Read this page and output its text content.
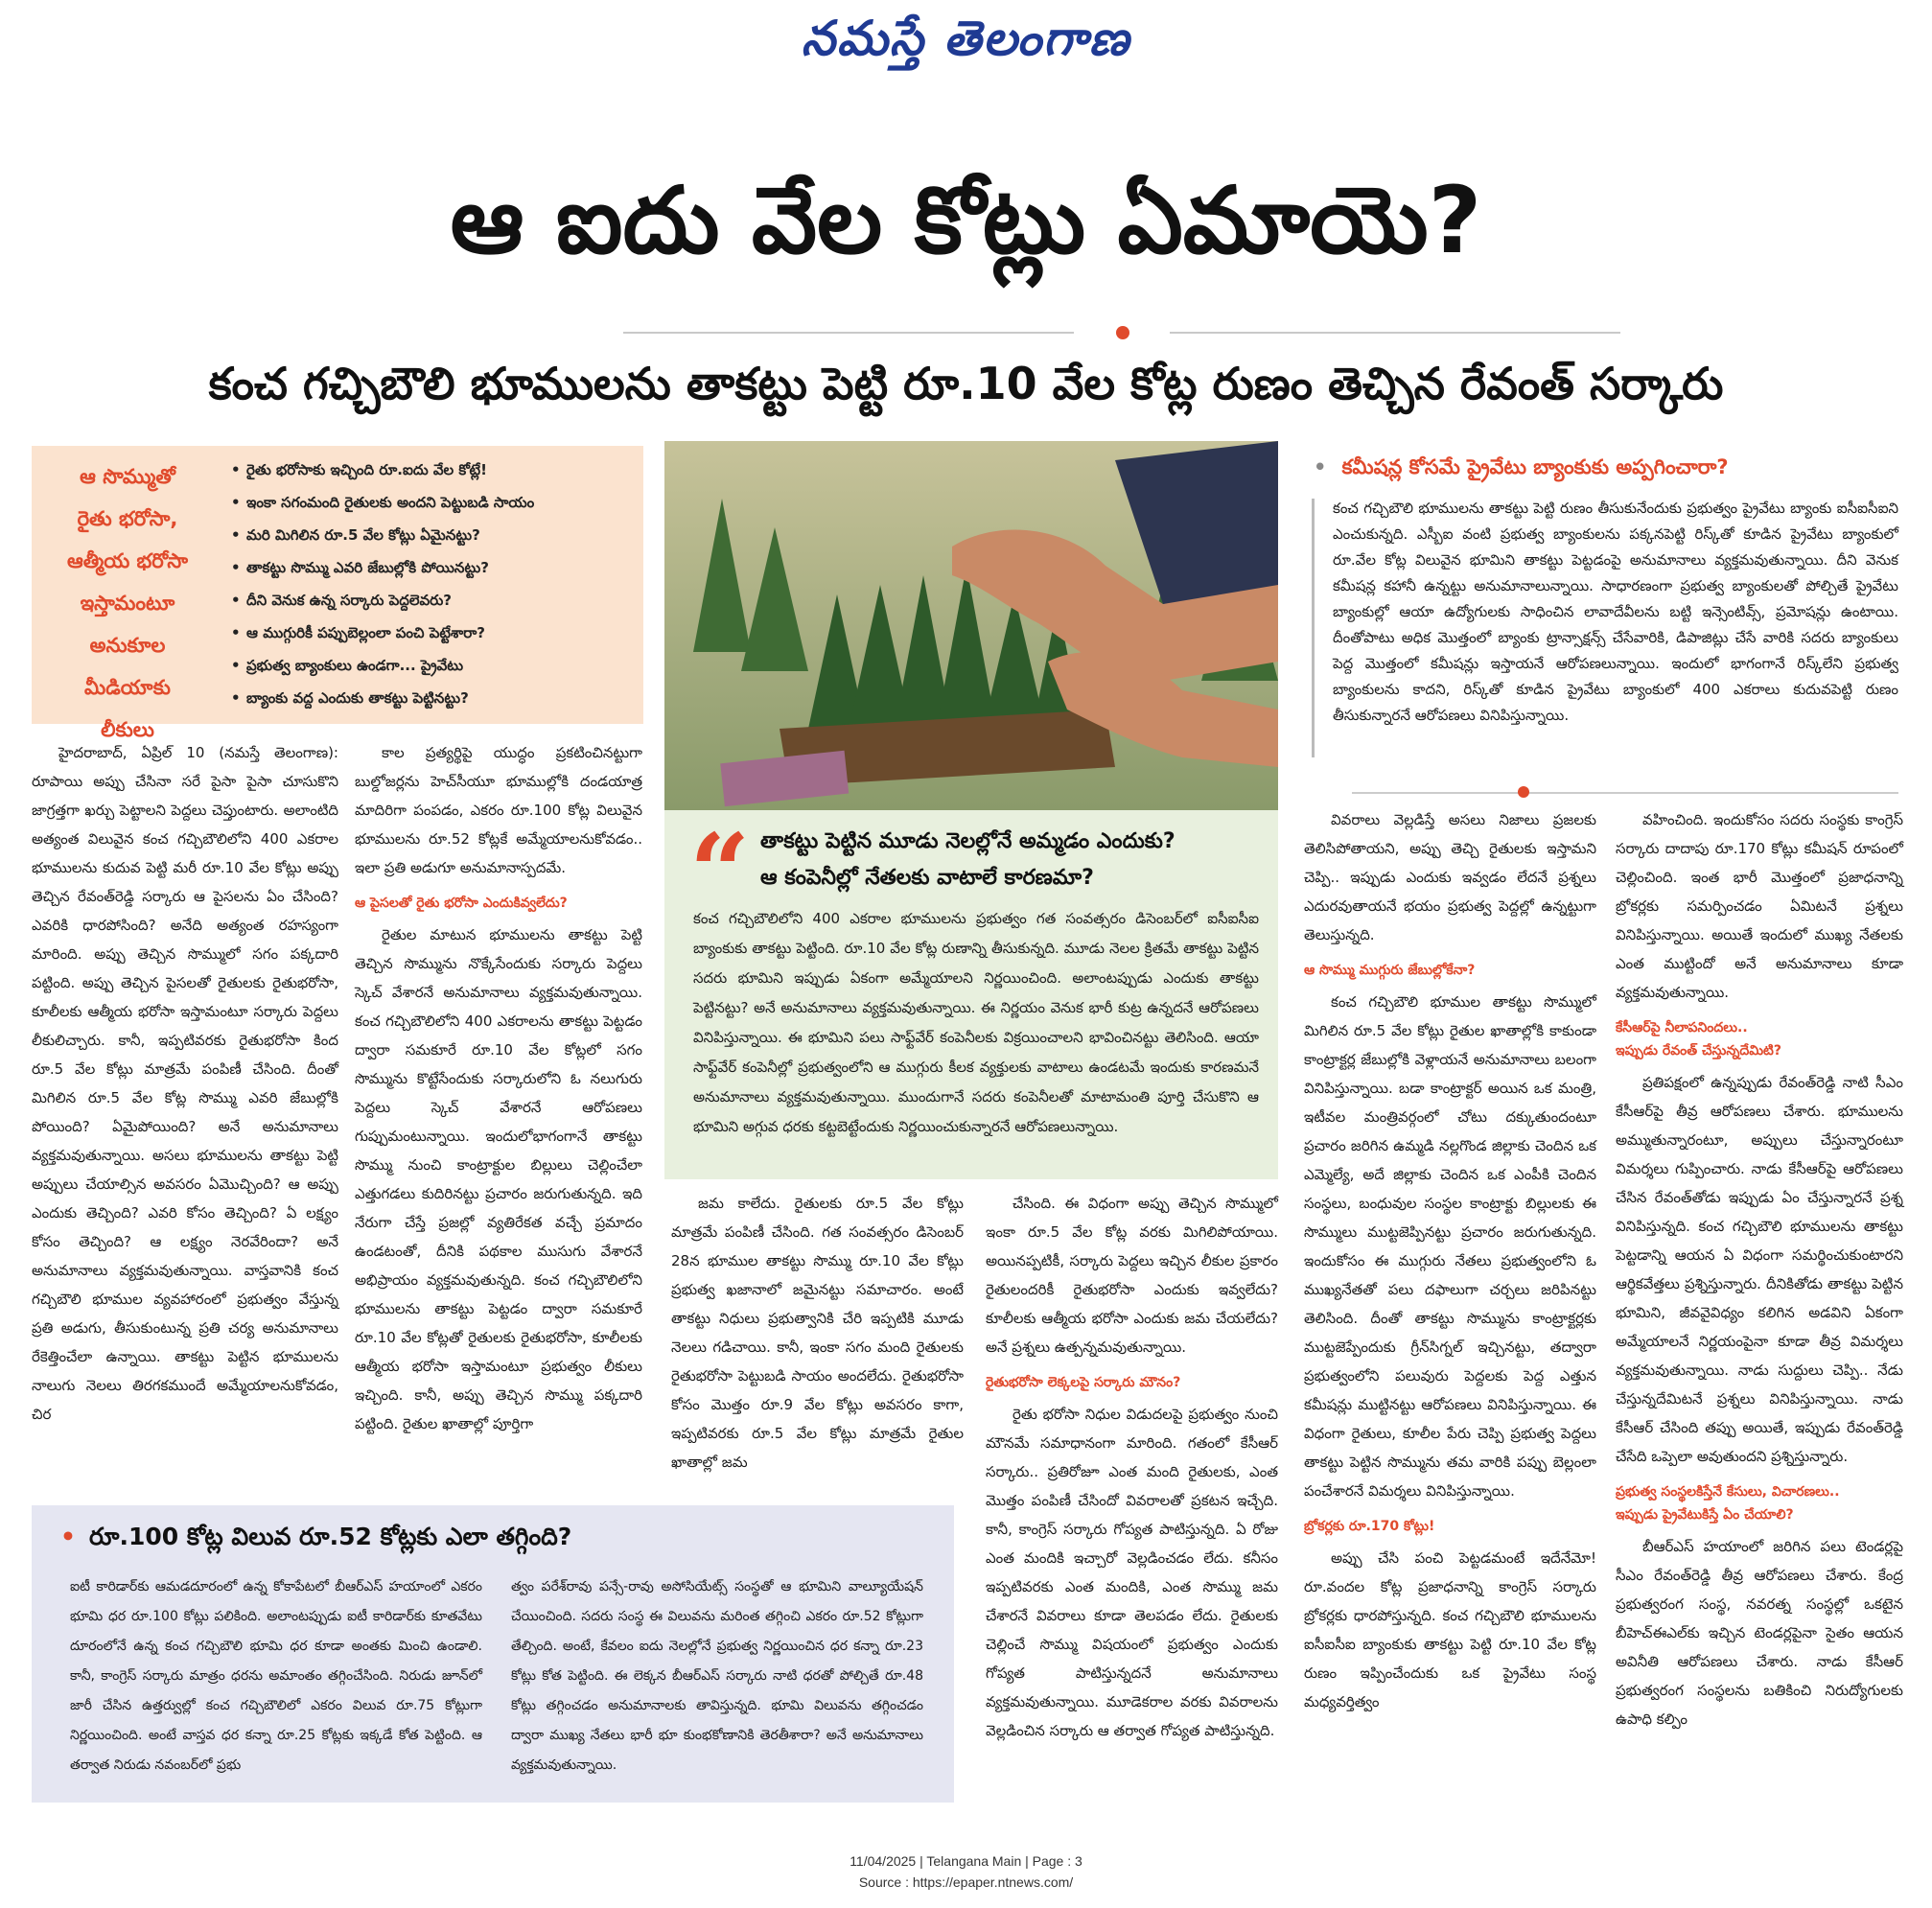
నమస్తే తెలంగాణ
ఆ ఐదు వేల కోట్లు ఏమాయె?
కంచ గచ్చిబౌలి భూములను తాకట్టు పెట్టి రూ.10 వేల కోట్ల రుణం తెచ్చిన రేవంత్ సర్కారు
ఆ సొమ్ముతో
రైతు భరోసా,
ఆత్మీయ భరోసా
ఇస్తామంటూ
అనుకూల
మీడియాకు
లీకులు
• రైతు భరోసాకు ఇచ్చింది రూ.ఐదు వేల కోట్లే!
• ఇంకా సగంమంది రైతులకు అందని పెట్టుబడి సాయం
• మరి మిగిలిన రూ.5 వేల కోట్లు ఏమైనట్టు?
• తాకట్టు సొమ్ము ఎవరి జేబుల్లోకి పోయినట్టు?
• దీని వెనుక ఉన్న సర్కారు పెద్దలెవరు?
• ఆ ముగ్గురికీ పప్పుబెల్లంలా పంచి పెట్టేశారా?
• ప్రభుత్వ బ్యాంకులు ఉండగా... ప్రైవేటు
• బ్యాంకు వద్ద ఎందుకు తాకట్టు పెట్టినట్టు?
“ తాకట్టు పెట్టిన మూడు నెలల్లోనే అమ్మడం ఎందుకు?
ఆ కంపెనీల్లో నేతలకు వాటాలే కారణమా?
కంచ గచ్చిబౌలిలోని 400 ఎకరాల భూములను ప్రభుత్వం గత సంవత్సరం డిసెంబర్‌లో ఐసీఐసీఐ బ్యాంకుకు తాకట్టు పెట్టింది. రూ.10 వేల కోట్ల రుణాన్ని తీసుకున్నది. మూడు నెలల క్రితమే తాకట్టు పెట్టిన సదరు భూమిని ఇప్పుడు ఏకంగా అమ్మేయాలని నిర్ణయించింది. అలాంటప్పుడు ఎందుకు తాకట్టు పెట్టినట్టు? అనే అనుమానాలు వ్యక్తమవుతున్నాయి. ఈ నిర్ణయం వెనుక భారీ కుట్ర ఉన్నదనే ఆరోపణలు వినిపిస్తున్నాయి. ఈ భూమిని పలు సాఫ్ట్‌వేర్ కంపెనీలకు విక్రయించాలని భావించినట్టు తెలిసింది. ఆయా సాఫ్ట్‌వేర్ కంపెనీల్లో ప్రభుత్వంలోని ఆ ముగ్గురు కీలక వ్యక్తులకు వాటాలు ఉండటమే ఇందుకు కారణమనే అనుమానాలు వ్యక్తమవుతున్నాయి. ముందుగానే సదరు కంపెనీలతో మాటామంతి పూర్తి చేసుకొని ఆ భూమిని అగ్గువ ధరకు కట్టబెట్టేందుకు నిర్ణయించుకున్నారనే ఆరోపణలున్నాయి.
• కమీషన్ల కోసమే ప్రైవేటు బ్యాంకుకు అప్పగించారా?
కంచ గచ్చిబౌలి భూములను తాకట్టు పెట్టి రుణం తీసుకునేందుకు ప్రభుత్వం ప్రైవేటు బ్యాంకు ఐసీఐసీఐని ఎంచుకున్నది. ఎస్బీఐ వంటి ప్రభుత్వ బ్యాంకులను పక్కనపెట్టి రిస్క్‌తో కూడిన ప్రైవేటు బ్యాంకులో రూ.వేల కోట్ల విలువైన భూమిని తాకట్టు పెట్టడంపై అనుమానాలు వ్యక్తమవుతున్నాయి. దీని వెనుక కమీషన్ల కహానీ ఉన్నట్టు అనుమానాలున్నాయి. సాధారణంగా ప్రభుత్వ బ్యాంకులతో పోల్చితే ప్రైవేటు బ్యాంకుల్లో ఆయా ఉద్యోగులకు సాధించిన లావాదేవీలను బట్టి ఇన్సెంటివ్స్, ప్రమోషన్లు ఉంటాయి. దీంతోపాటు అధిక మొత్తంలో బ్యాంకు ట్రాన్సాక్షన్స్ చేసేవారికి, డిపాజిట్లు చేసే వారికి సదరు బ్యాంకులు పెద్ద మొత్తంలో కమీషన్లు ఇస్తాయనే ఆరోపణలున్నాయి. ఇందులో భాగంగానే రిస్క్‌లేని ప్రభుత్వ బ్యాంకులను కాదని, రిస్క్‌తో కూడిన ప్రైవేటు బ్యాంకులో 400 ఎకరాలు కుదువపెట్టి రుణం తీసుకున్నారనే ఆరోపణలు వినిపిస్తున్నాయి.

హైదరాబాద్, ఏప్రిల్ 10 (నమస్తే తెలంగాణ): రూపాయి అప్పు చేసినా సరే పైసా పైసా చూసుకొని జాగ్రత్తగా ఖర్చు పెట్టాలని పెద్దలు చెప్తుంటారు. అలాంటిది అత్యంత విలువైన కంచ గచ్చిబౌలిలోని 400 ఎకరాల భూములను కుదువ పెట్టి మరీ రూ.10 వేల కోట్లు అప్పు తెచ్చిన రేవంత్‌రెడ్డి సర్కారు ఆ పైసలను ఏం చేసింది? ఎవరికి ధారపోసింది? అనేది అత్యంత రహస్యంగా మారింది. అప్పు తెచ్చిన సొమ్ములో సగం పక్కదారి పట్టింది. అప్పు తెచ్చిన పైసలతో రైతులకు రైతుభరోసా, కూలీలకు ఆత్మీయ భరోసా ఇస్తామంటూ సర్కారు పెద్దలు లీకులిచ్చారు. కానీ, ఇప్పటివరకు రైతుభరోసా కింద రూ.5 వేల కోట్లు మాత్రమే పంపిణీ చేసింది. దీంతో మిగిలిన రూ.5 వేల కోట్ల సొమ్ము ఎవరి జేబుల్లోకి పోయింది? ఏమైపోయింది? అనే అనుమానాలు వ్యక్తమవుతున్నాయి. అసలు భూములను తాకట్టు పెట్టి అప్పులు చేయాల్సిన అవసరం ఏమొచ్చింది? ఆ అప్పు ఎందుకు తెచ్చింది? ఎవరి కోసం తెచ్చింది? ఏ లక్ష్యం కోసం తెచ్చింది? ఆ లక్ష్యం నెరవేరిందా? అనే అనుమానాలు వ్యక్తమవుతున్నాయి. వాస్తవానికి కంచ గచ్చిబౌలి భూముల వ్యవహారంలో ప్రభుత్వం వేస్తున్న ప్రతి అడుగు, తీసుకుంటున్న ప్రతి చర్య అనుమానాలు రేకెత్తించేలా ఉన్నాయి. తాకట్టు పెట్టిన భూములను నాలుగు నెలలు తిరగకముందే అమ్మేయాలనుకోవడం, చిర

కాల ప్రత్యర్థిపై యుద్ధం ప్రకటించినట్టుగా బుల్డోజర్లను హెచ్‌సీయూ భూముల్లోకి దండయాత్ర మాదిరిగా పంపడం, ఎకరం రూ.100 కోట్ల విలువైన భూములను రూ.52 కోట్లకే అమ్మేయాలనుకోవడం.. ఇలా ప్రతి అడుగూ అనుమానాస్పదమే.

ఆ పైసలతో రైతు భరోసా ఎందుకివ్వలేదు?

రైతుల మాటున భూములను తాకట్టు పెట్టి తెచ్చిన సొమ్మును నొక్కేసేందుకు సర్కారు పెద్దలు స్కెచ్ వేశారనే అనుమానాలు వ్యక్తమవుతున్నాయి. కంచ గచ్చిబౌలిలోని 400 ఎకరాలను తాకట్టు పెట్టడం ద్వారా సమకూరే రూ.10 వేల కోట్లలో సగం సొమ్మును కొట్టేసేందుకు సర్కారులోని ఓ నలుగురు పెద్దలు స్కెచ్ వేశారనే ఆరోపణలు గుప్పుమంటున్నాయి. ఇందులోభాగంగానే తాకట్టు సొమ్ము నుంచి కాంట్రాక్టుల బిల్లులు చెల్లించేలా ఎత్తుగడలు కుదిరినట్టు ప్రచారం జరుగుతున్నది. ఇది నేరుగా చేస్తే ప్రజల్లో వ్యతిరేకత వచ్చే ప్రమాదం ఉండటంతో, దీనికి పథకాల ముసుగు వేశారనే అభిప్రాయం వ్యక్తమవుతున్నది. కంచ గచ్చిబౌలిలోని భూములను తాకట్టు పెట్టడం ద్వారా సమకూరే రూ.10 వేల కోట్లతో రైతులకు రైతుభరోసా, కూలీలకు ఆత్మీయ భరోసా ఇస్తామంటూ ప్రభుత్వం లీకులు ఇచ్చింది. కానీ, అప్పు తెచ్చిన సొమ్ము పక్కదారి పట్టింది. రైతుల ఖాతాల్లో పూర్తిగా

జమ కాలేదు. రైతులకు రూ.5 వేల కోట్లు మాత్రమే పంపిణీ చేసింది. గత సంవత్సరం డిసెంబర్ 28న భూముల తాకట్టు సొమ్ము రూ.10 వేల కోట్లు ప్రభుత్వ ఖజానాలో జమైనట్టు సమాచారం. అంటే తాకట్టు నిధులు ప్రభుత్వానికి చేరి ఇప్పటికి మూడు నెలలు గడిచాయి. కానీ, ఇంకా సగం మంది రైతులకు రైతుభరోసా పెట్టుబడి సాయం అందలేదు. రైతుభరోసా కోసం మొత్తం రూ.9 వేల కోట్లు అవసరం కాగా, ఇప్పటివరకు రూ.5 వేల కోట్లు మాత్రమే రైతుల ఖాతాల్లో జమ

చేసింది. ఈ విధంగా అప్పు తెచ్చిన సొమ్ములో ఇంకా రూ.5 వేల కోట్ల వరకు మిగిలిపోయాయి. అయినప్పటికీ, సర్కారు పెద్దలు ఇచ్చిన లీకుల ప్రకారం రైతులందరికీ రైతుభరోసా ఎందుకు ఇవ్వలేదు? కూలీలకు ఆత్మీయ భరోసా ఎందుకు జమ చేయలేదు? అనే ప్రశ్నలు ఉత్పన్నమవుతున్నాయి.

రైతుభరోసా లెక్కలపై సర్కారు మౌనం?

రైతు భరోసా నిధుల విడుదలపై ప్రభుత్వం నుంచి మౌనమే సమాధానంగా మారింది. గతంలో కేసీఆర్ సర్కారు.. ప్రతిరోజూ ఎంత మంది రైతులకు, ఎంత మొత్తం పంపిణీ చేసిందో వివరాలతో ప్రకటన ఇచ్చేది. కానీ, కాంగ్రెస్ సర్కారు గోప్యత పాటిస్తున్నది. ఏ రోజు ఎంత మందికి ఇచ్చారో వెల్లడించడం లేదు. కనీసం ఇప్పటివరకు ఎంత మందికి, ఎంత సొమ్ము జమ చేశారనే వివరాలు కూడా తెలపడం లేదు. రైతులకు చెల్లించే సొమ్ము విషయంలో ప్రభుత్వం ఎందుకు గోప్యత పాటిస్తున్నదనే అనుమానాలు వ్యక్తమవుతున్నాయి. మూడెకరాల వరకు వివరాలను వెల్లడించిన సర్కారు ఆ తర్వాత గోప్యత పాటిస్తున్నది.

వివరాలు వెల్లడిస్తే అసలు నిజాలు ప్రజలకు తెలిసిపోతాయని, అప్పు తెచ్చి రైతులకు ఇస్తామని చెప్పి.. ఇప్పుడు ఎందుకు ఇవ్వడం లేదనే ప్రశ్నలు ఎదురవుతాయనే భయం ప్రభుత్వ పెద్దల్లో ఉన్నట్టుగా తెలుస్తున్నది.

ఆ సొమ్ము ముగ్గురు జేబుల్లోకేనా?

కంచ గచ్చిబౌలి భూముల తాకట్టు సొమ్ములో మిగిలిన రూ.5 వేల కోట్లు రైతుల ఖాతాల్లోకి కాకుండా కాంట్రాక్టర్ల జేబుల్లోకి వెళ్లాయనే అనుమానాలు బలంగా వినిపిస్తున్నాయి. బడా కాంట్రాక్టర్ అయిన ఒక మంత్రి, ఇటీవల మంత్రివర్గంలో చోటు దక్కుతుందంటూ ప్రచారం జరిగిన ఉమ్మడి నల్లగొండ జిల్లాకు చెందిన ఒక ఎమ్మెల్యే, అదే జిల్లాకు చెందిన ఒక ఎంపీకి చెందిన సంస్థలు, బంధువుల సంస్థల కాంట్రాక్టు బిల్లులకు ఈ సొమ్ములు ముట్టజెప్పినట్టు ప్రచారం జరుగుతున్నది. ఇందుకోసం ఈ ముగ్గురు నేతలు ప్రభుత్వంలోని ఓ ముఖ్యనేతతో పలు దఫాలుగా చర్చలు జరిపినట్టు తెలిసింది. దీంతో తాకట్టు సొమ్మును కాంట్రాక్టర్లకు ముట్టజెప్పేందుకు గ్రీన్‌సిగ్నల్ ఇచ్చినట్టు, తద్వారా ప్రభుత్వంలోని పలువురు పెద్దలకు పెద్ద ఎత్తున కమీషన్లు ముట్టినట్టు ఆరోపణలు వినిపిస్తున్నాయి. ఈ విధంగా రైతులు, కూలీల పేరు చెప్పి ప్రభుత్వ పెద్దలు తాకట్టు పెట్టిన సొమ్మును తమ వారికి పప్పు బెల్లంలా పంచేశారనే విమర్శలు వినిపిస్తున్నాయి.

బ్రోకర్లకు రూ.170 కోట్లు!

అప్పు చేసి పంచి పెట్టడమంటే ఇదేనేమో! రూ.వందల కోట్ల ప్రజాధనాన్ని కాంగ్రెస్ సర్కారు బ్రోకర్లకు ధారపోస్తున్నది. కంచ గచ్చిబౌలి భూములను ఐసీఐసీఐ బ్యాంకుకు తాకట్టు పెట్టి రూ.10 వేల కోట్ల రుణం ఇప్పించేందుకు ఒక ప్రైవేటు సంస్థ మధ్యవర్తిత్వం

వహించింది. ఇందుకోసం సదరు సంస్థకు కాంగ్రెస్ సర్కారు దాదాపు రూ.170 కోట్లు కమీషన్ రూపంలో చెల్లించింది. ఇంత భారీ మొత్తంలో ప్రజాధనాన్ని బ్రోకర్లకు సమర్పించడం ఏమిటనే ప్రశ్నలు వినిపిస్తున్నాయి. అయితే ఇందులో ముఖ్య నేతలకు ఎంత ముట్టిందో అనే అనుమానాలు కూడా వ్యక్తమవుతున్నాయి.

కేసీఆర్‌పై నీలాపనిందలు..
ఇప్పుడు రేవంత్ చేస్తున్నదేమిటి?

ప్రతిపక్షంలో ఉన్నప్పుడు రేవంత్‌రెడ్డి నాటి సీఎం కేసీఆర్‌పై తీవ్ర ఆరోపణలు చేశారు. భూములను అమ్ముతున్నారంటూ, అప్పులు చేస్తున్నారంటూ విమర్శలు గుప్పించారు. నాడు కేసీఆర్‌పై ఆరోపణలు చేసిన రేవంత్‌తోడు ఇప్పుడు ఏం చేస్తున్నారనే ప్రశ్న వినిపిస్తున్నది. కంచ గచ్చిబౌలి భూములను తాకట్టు పెట్టడాన్ని ఆయన ఏ విధంగా సమర్థించుకుంటారని ఆర్థికవేత్తలు ప్రశ్నిస్తున్నారు. దీనికితోడు తాకట్టు పెట్టిన భూమిని, జీవవైవిధ్యం కలిగిన అడవిని ఏకంగా అమ్మేయాలనే నిర్ణయంపైనా కూడా తీవ్ర విమర్శలు వ్యక్తమవుతున్నాయి. నాడు సుద్దులు చెప్పి.. నేడు చేస్తున్నదేమిటనే ప్రశ్నలు వినిపిస్తున్నాయి. నాడు కేసీఆర్ చేసింది తప్పు అయితే, ఇప్పుడు రేవంత్‌రెడ్డి చేసేది ఒప్పెలా అవుతుందని ప్రశ్నిస్తున్నారు.

ప్రభుత్వ సంస్థలకిస్తేనే కేసులు, విచారణలు..
ఇప్పుడు ప్రైవేటుకిస్తే ఏం చేయాలి?

బీఆర్‌ఎస్ హయాంలో జరిగిన పలు టెండర్లపై సీఎం రేవంత్‌రెడ్డి తీవ్ర ఆరోపణలు చేశారు. కేంద్ర ప్రభుత్వరంగ సంస్థ, నవరత్న సంస్థల్లో ఒకటైన బీహెచ్‌ఈఎల్‌కు ఇచ్చిన టెండర్లపైనా సైతం ఆయన అవినీతి ఆరోపణలు చేశారు. నాడు కేసీఆర్ ప్రభుత్వరంగ సంస్థలను బతికించి నిరుద్యోగులకు ఉపాధి కల్పిం

• రూ.100 కోట్ల విలువ రూ.52 కోట్లకు ఎలా తగ్గింది?
ఐటీ కారిడార్‌కు ఆమడదూరంలో ఉన్న కోకాపేటలో బీఆర్‌ఎస్ హయాంలో ఎకరం భూమి ధర రూ.100 కోట్లు పలికింది. అలాంటప్పుడు ఐటీ కారిడార్‌కు కూతవేటు దూరంలోనే ఉన్న కంచ గచ్చిబౌలి భూమి ధర కూడా అంతకు మించి ఉండాలి. కానీ, కాంగ్రెస్ సర్కారు మాత్రం ధరను అమాంతం తగ్గించేసింది. నిరుడు జూన్‌లో జారీ చేసిన ఉత్తర్వుల్లో కంచ గచ్చిబౌలిలో ఎకరం విలువ రూ.75 కోట్లుగా నిర్ణయించింది. అంటే వాస్తవ ధర కన్నా రూ.25 కోట్లకు ఇక్కడే కోత పెట్టింది. ఆ తర్వాత నిరుడు నవంబర్‌లో ప్రభు
త్వం పరేశ్‌రావు పన్సే-రావు అసోసియేట్స్ సంస్థతో ఆ భూమిని వాల్యూయేషన్ చేయించింది. సదరు సంస్థ ఈ విలువను మరింత తగ్గించి ఎకరం రూ.52 కోట్లుగా తేల్చింది. అంటే, కేవలం ఐదు నెలల్లోనే ప్రభుత్వ నిర్ణయించిన ధర కన్నా రూ.23 కోట్లు కోత పెట్టింది. ఈ లెక్కన బీఆర్‌ఎస్ సర్కారు నాటి ధరతో పోల్చితే రూ.48 కోట్లు తగ్గించడం అనుమానాలకు తావిస్తున్నది. భూమి విలువను తగ్గించడం ద్వారా ముఖ్య నేతలు భారీ భూ కుంభకోణానికి తెరతీశారా? అనే అనుమానాలు వ్యక్తమవుతున్నాయి.
11/04/2025 | Telangana Main | Page : 3
Source : https://epaper.ntnews.com/
